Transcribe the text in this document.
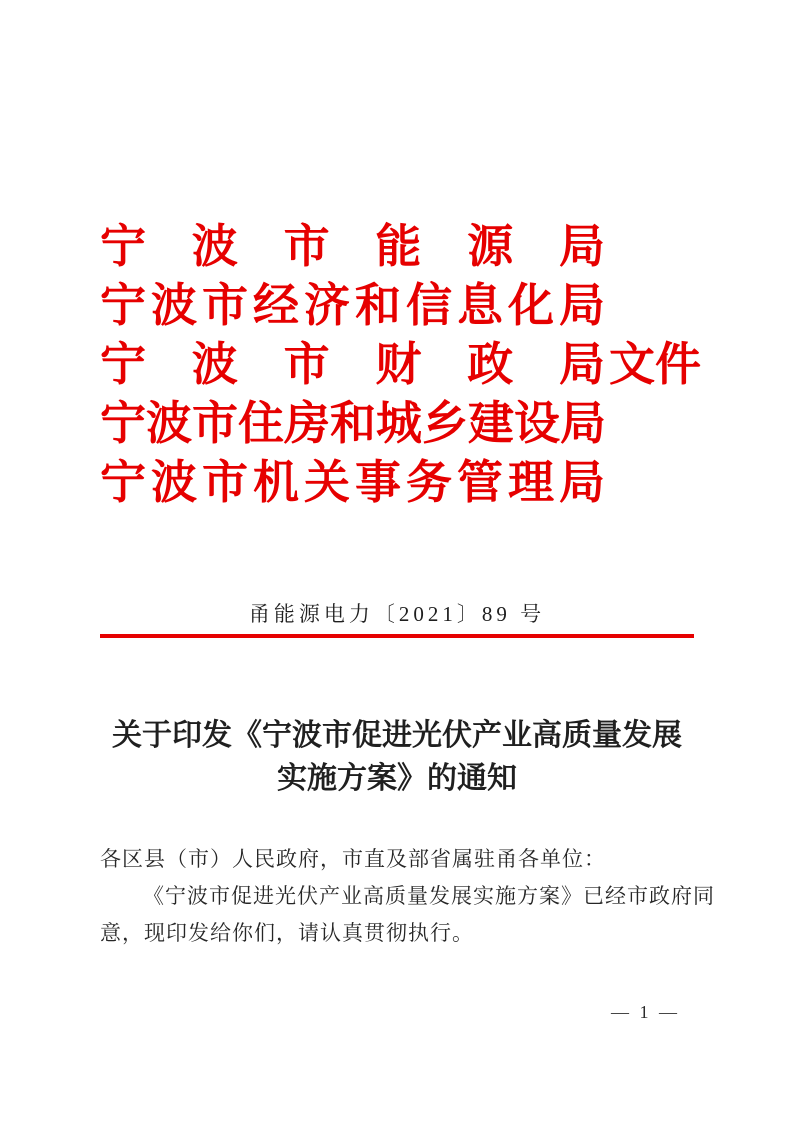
宁 波 市 能 源 局
宁 波 市 经 济 和 信 息 化 局
宁 波 市 财 政 局 文件
宁 波 市 住 房 和 城 乡 建 设 局
宁 波 市 机 关 事 务 管 理 局
甬能源电力〔2021〕89 号
关于印发《宁波市促进光伏产业高质量发展
实施方案》的通知
各区县（市）人民政府，市直及部省属驻甬各单位：
《宁波市促进光伏产业高质量发展实施方案》已经市政府同
意，现印发给你们，请认真贯彻执行。
— 1 —
